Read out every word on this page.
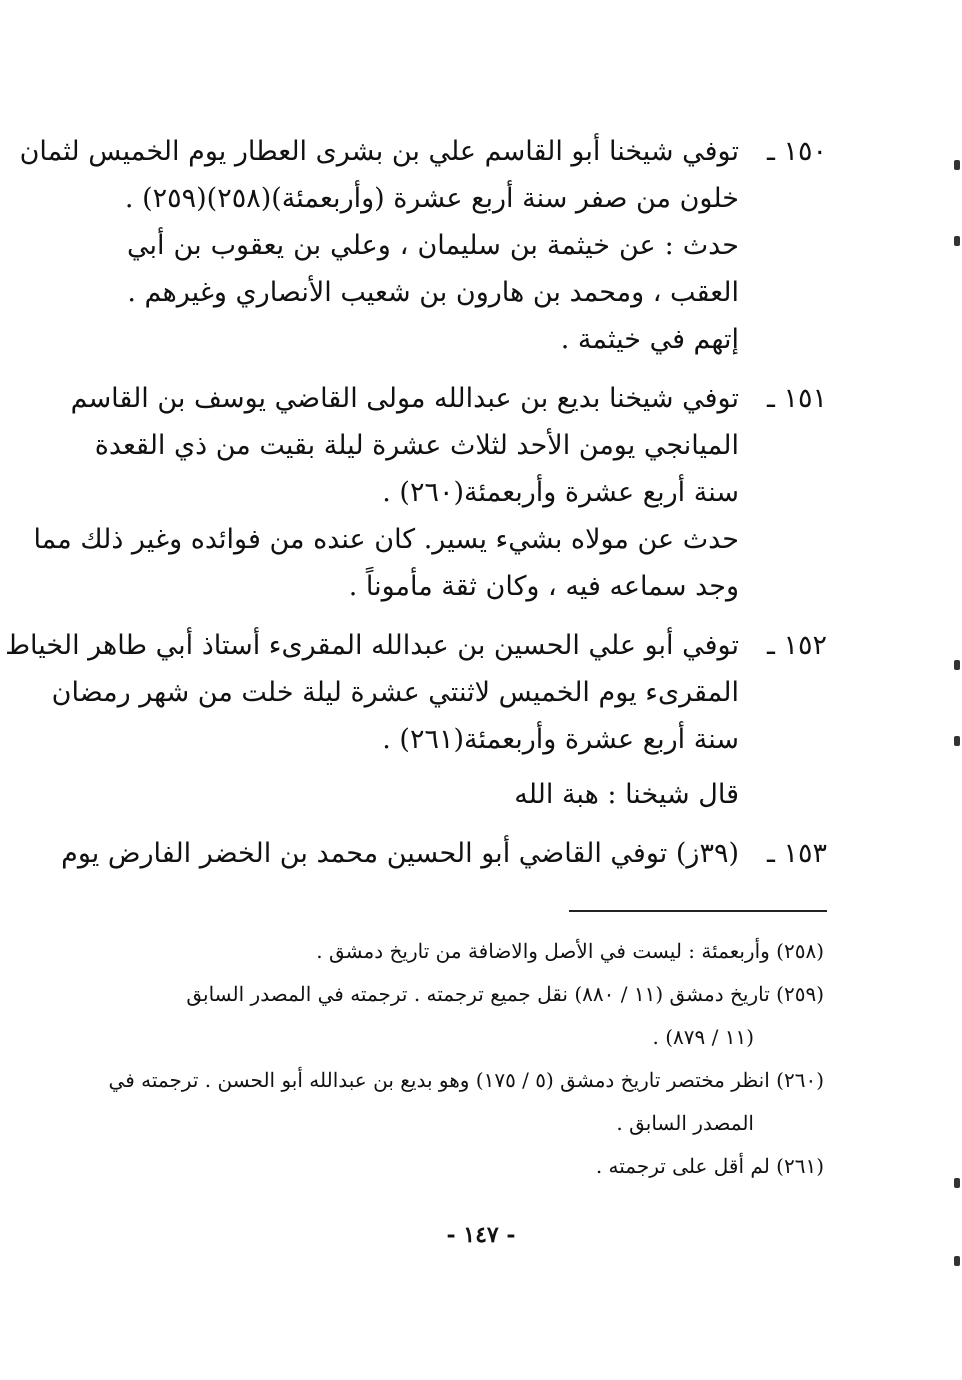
١٥٠ ـ
توفي شيخنا أبو القاسم علي بن بشرى العطار يوم الخميس لثمان
خلون من صفر سنة أربع عشرة (وأربعمئة)(٢٥٨)(٢٥٩) .
حدث : عن خيثمة بن سليمان ، وعلي بن يعقوب بن أبي
العقب ، ومحمد بن هارون بن شعيب الأنصاري وغيرهم .
إتهم في خيثمة .
١٥١ ـ
توفي شيخنا بديع بن عبدالله مولى القاضي يوسف بن القاسم
الميانجي يومن الأحد لثلاث عشرة ليلة بقيت من ذي القعدة
سنة أربع عشرة وأربعمئة(٢٦٠) .
حدث عن مولاه بشيء يسير. كان عنده من فوائده وغير ذلك مما
وجد سماعه فيه ، وكان ثقة مأموناً .
١٥٢ ـ
توفي أبو علي الحسين بن عبدالله المقرىء أستاذ أبي طاهر الخياط
المقرىء يوم الخميس لاثنتي عشرة ليلة خلت من شهر رمضان
سنة أربع عشرة وأربعمئة(٢٦١) .
قال شيخنا : هبة الله
١٥٣ ـ
(٣٩ز) توفي القاضي أبو الحسين محمد بن الخضر الفارض يوم
(٢٥٨) وأربعمئة : ليست في الأصل والاضافة من تاريخ دمشق .
(٢٥٩) تاريخ دمشق (١١ / ٨٨٠) نقل جميع ترجمته . ترجمته في المصدر السابق
(١١ / ٨٧٩) .
(٢٦٠) انظر مختصر تاريخ دمشق (٥ / ١٧٥) وهو بديع بن عبدالله أبو الحسن . ترجمته في
المصدر السابق .
(٢٦١) لم أقل على ترجمته .
- ١٤٧ -
